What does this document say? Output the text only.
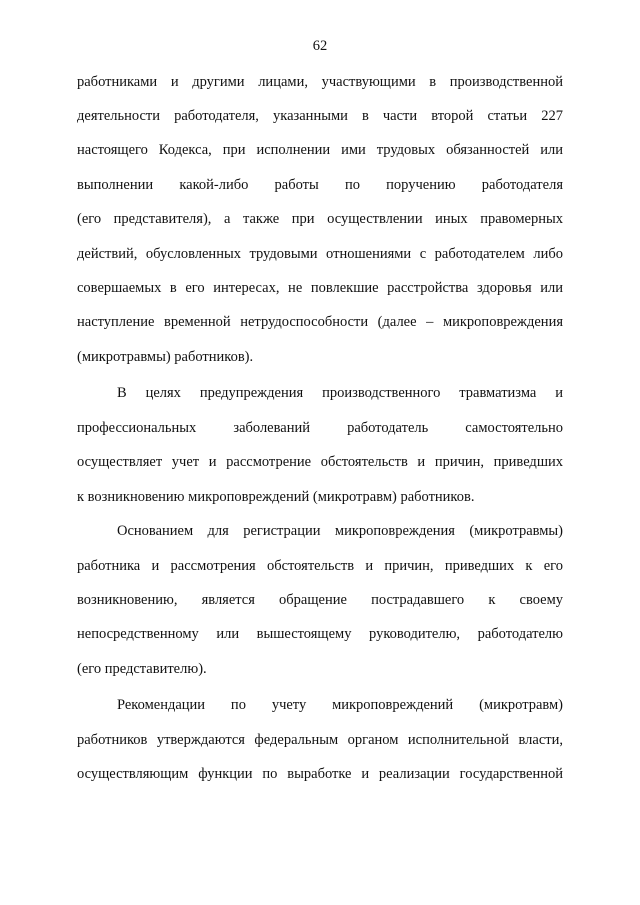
62
работниками и другими лицами, участвующими в производственной
деятельности работодателя, указанными в части второй статьи 227
настоящего Кодекса, при исполнении ими трудовых обязанностей или
выполнении какой-либо работы по поручению работодателя
(его представителя), а также при осуществлении иных правомерных
действий, обусловленных трудовыми отношениями с работодателем либо
совершаемых в его интересах, не повлекшие расстройства здоровья или
наступление временной нетрудоспособности (далее – микроповреждения
(микротравмы) работников).
В целях предупреждения производственного травматизма и
профессиональных заболеваний работодатель самостоятельно
осуществляет учет и рассмотрение обстоятельств и причин, приведших
к возникновению микроповреждений (микротравм) работников.
Основанием для регистрации микроповреждения (микротравмы)
работника и рассмотрения обстоятельств и причин, приведших к его
возникновению, является обращение пострадавшего к своему
непосредственному или вышестоящему руководителю, работодателю
(его представителю).
Рекомендации по учету микроповреждений (микротравм)
работников утверждаются федеральным органом исполнительной власти,
осуществляющим функции по выработке и реализации государственной
